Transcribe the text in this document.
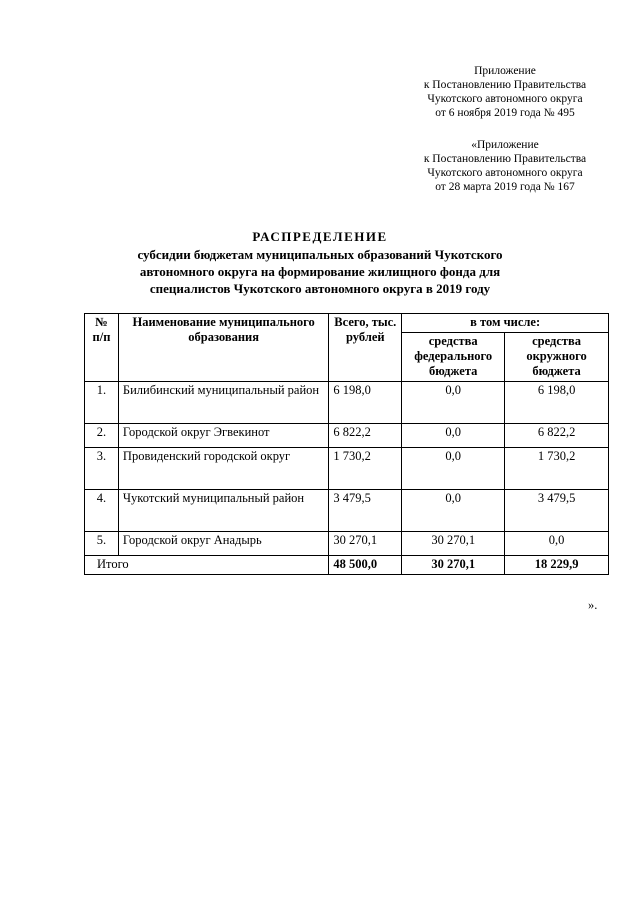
Приложение
к Постановлению Правительства
Чукотского автономного округа
от 6 ноября 2019 года № 495
«Приложение
к Постановлению Правительства
Чукотского автономного округа
от 28 марта 2019 года № 167
РАСПРЕДЕЛЕНИЕ
субсидии бюджетам муниципальных образований Чукотского
автономного округа на формирование жилищного фонда для
специалистов Чукотского автономного округа в 2019 году
№
п/п	Наименование муниципального образования	Всего, тыс. рублей	в том числе:	
			средства федерального бюджета	средства окружного бюджета
1.	Билибинский муниципальный район	6 198,0	0,0	6 198,0
2.	Городской округ Эгвекинот	6 822,2	0,0	6 822,2
3.	Провиденский городской округ	1 730,2	0,0	1 730,2
4.	Чукотский муниципальный район	3 479,5	0,0	3 479,5
5.	Городской округ Анадырь	30 270,1	30 270,1	0,0
Итого		48 500,0	30 270,1	18 229,9
».
